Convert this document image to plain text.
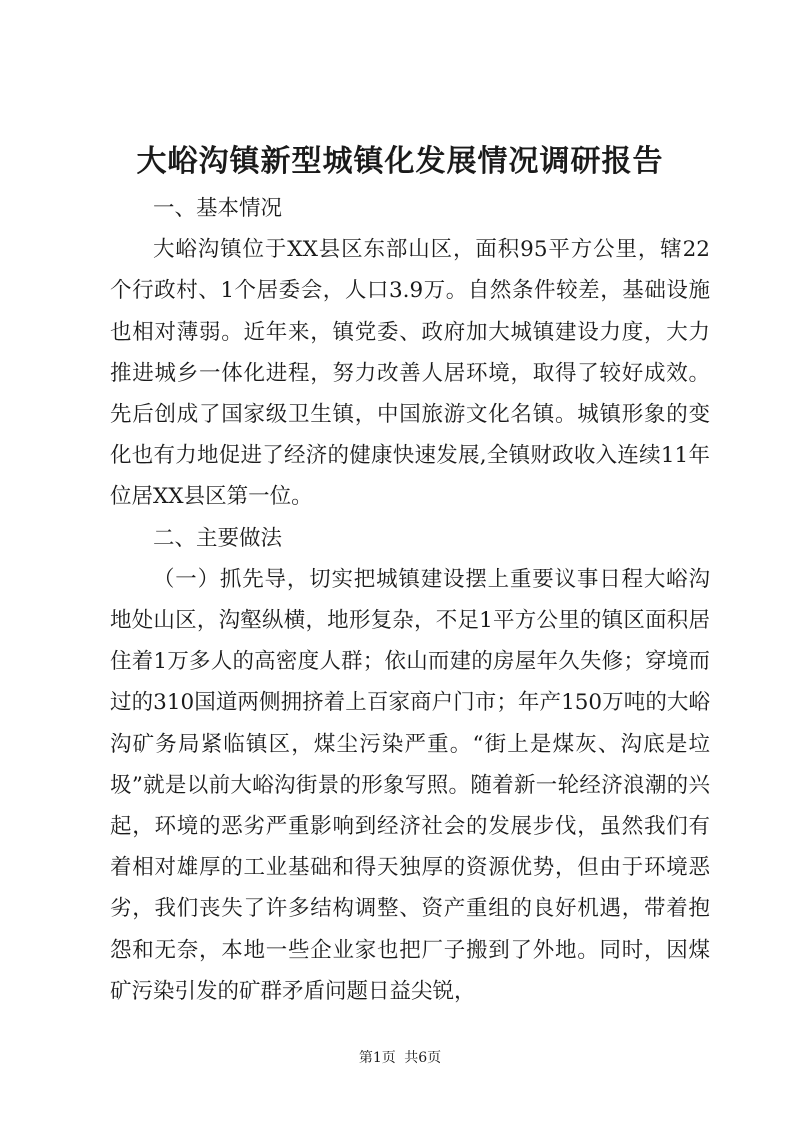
大峪沟镇新型城镇化发展情况调研报告

一、基本情况

大峪沟镇位于XX县区东部山区，面积95平方公里，辖22个行政村、1个居委会，人口3.9万。自然条件较差，基础设施也相对薄弱。近年来，镇党委、政府加大城镇建设力度，大力推进城乡一体化进程，努力改善人居环境，取得了较好成效。先后创成了国家级卫生镇，中国旅游文化名镇。城镇形象的变化也有力地促进了经济的健康快速发展,全镇财政收入连续11年位居XX县区第一位。

二、主要做法

（一）抓先导，切实把城镇建设摆上重要议事日程大峪沟地处山区，沟壑纵横，地形复杂，不足1平方公里的镇区面积居住着1万多人的高密度人群；依山而建的房屋年久失修；穿境而过的310国道两侧拥挤着上百家商户门市；年产150万吨的大峪沟矿务局紧临镇区，煤尘污染严重。“街上是煤灰、沟底是垃圾”就是以前大峪沟街景的形象写照。随着新一轮经济浪潮的兴起，环境的恶劣严重影响到经济社会的发展步伐，虽然我们有着相对雄厚的工业基础和得天独厚的资源优势，但由于环境恶劣，我们丧失了许多结构调整、资产重组的良好机遇，带着抱怨和无奈，本地一些企业家也把厂子搬到了外地。同时，因煤矿污染引发的矿群矛盾问题日益尖锐，

第1页 共6页
